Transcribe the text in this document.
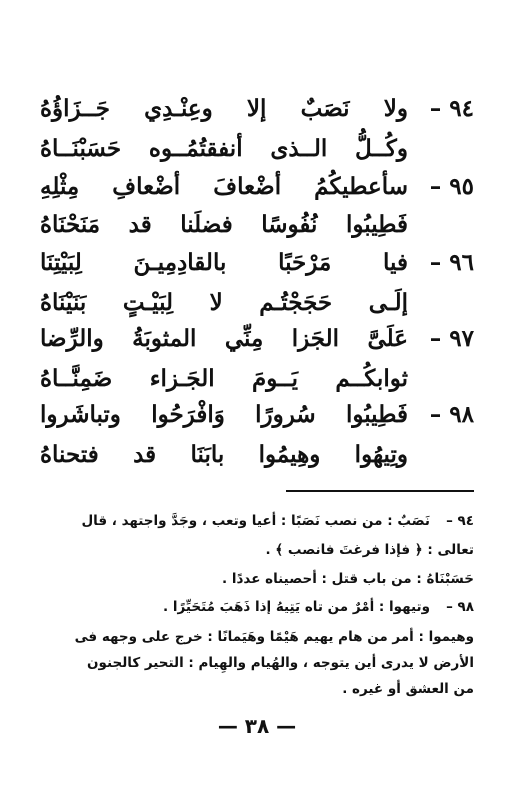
٩٤ –
ولا نَصَبٌ إلا وعِنْـدِي جَــزَاؤُهُ
وكُــلُّ الــذى أنفقتُمُــوه حَسَبْنَــاهُ
٩٥ –
سأعطيكُمُ أضْعافَ أضْعافِ مِثْلِهِ
فَطِيبُوا نُفُوسًا فضلَنا قد مَنَحْنَاهُ
٩٦ –
فيا مَرْحَبًا بالقادِمِيـنَ لِبَيْتِنَا
إلَـى حَجَجْتُـم لا لِبَيْـتٍ بَنَيْنَاهُ
٩٧ –
عَلَىَّ الجَزا مِنِّي المثوبَةُ والرِّضا
ثوابكُــم يَــومَ الجَـزاء ضَمِنَّــاهُ
٩٨ –
فَطِيبُوا سُرورًا وَافْرَحُوا وتباشَروا
وتِيهُوا وهِيمُوا بابَنَا قد فتحناهُ
٩٤ –نَصَبٌ : من نصب نَصَبًا : أعيا وتعب ، وجَدَّ واجتهد ، قال
تعالى : ﴿ فإذا فرغتَ فانصب ﴾ .
حَسَبْنَاهُ : من باب قتل : أحصيناه عددًا .
٩٨ –وتيهوا : أمْرٌ من تاه يَتِيهُ إذا ذَهَبَ مُتَحَيِّرًا .
وهيموا : أمر من هام يهيم هَيْمًا وهَيَمانًا : خرج على وجهه فى
الأرض لا يدرى أين يتوجه ، والهُيام والهِيام : التحير كالجنون
من العشق أو غيره .
— ٣٨ —
